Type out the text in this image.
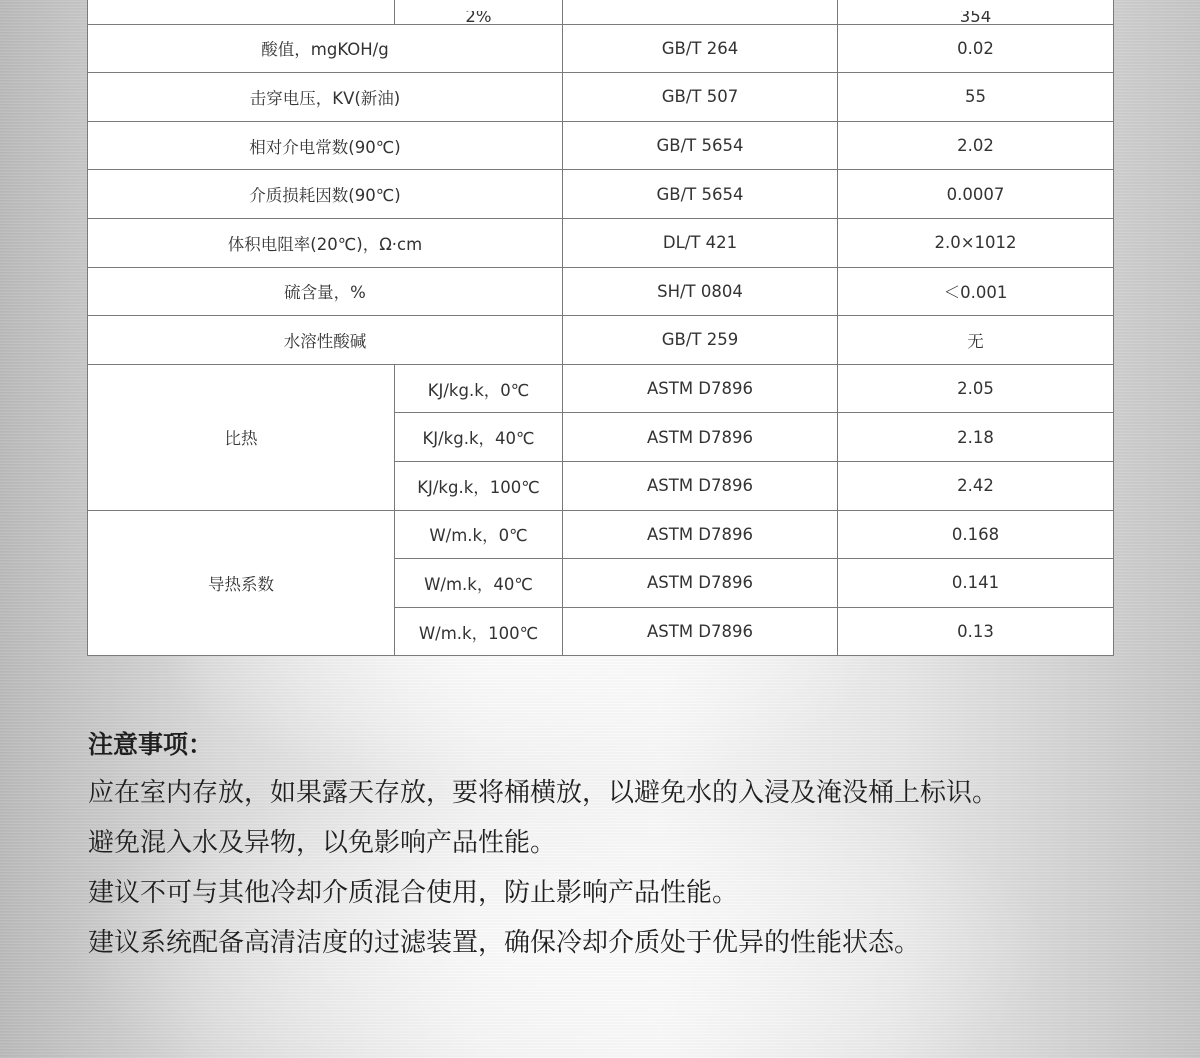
	2%		354

酸值，mgKOH/g		GB/T 264	0.02
击穿电压，KV(新油)		GB/T 507	55
相对介电常数(90℃)		GB/T 5654	2.02
介质损耗因数(90℃)		GB/T 5654	0.0007
体积电阻率(20℃)，Ω·cm		DL/T 421	2.0×1012
硫含量，%		SH/T 0804	＜0.001
水溶性酸碱		GB/T 259	无
比热	KJ/kg.k，0℃	ASTM D7896	2.05
	KJ/kg.k，40℃	ASTM D7896	2.18
	KJ/kg.k，100℃	ASTM D7896	2.42
导热系数	W/m.k，0℃	ASTM D7896	0.168
	W/m.k，40℃	ASTM D7896	0.141
	W/m.k，100℃	ASTM D7896	0.13
注意事项：
应在室内存放，如果露天存放，要将桶横放，以避免水的入浸及淹没桶上标识。
避免混入水及异物，以免影响产品性能。
建议不可与其他冷却介质混合使用，防止影响产品性能。
建议系统配备高清洁度的过滤装置，确保冷却介质处于优异的性能状态。
